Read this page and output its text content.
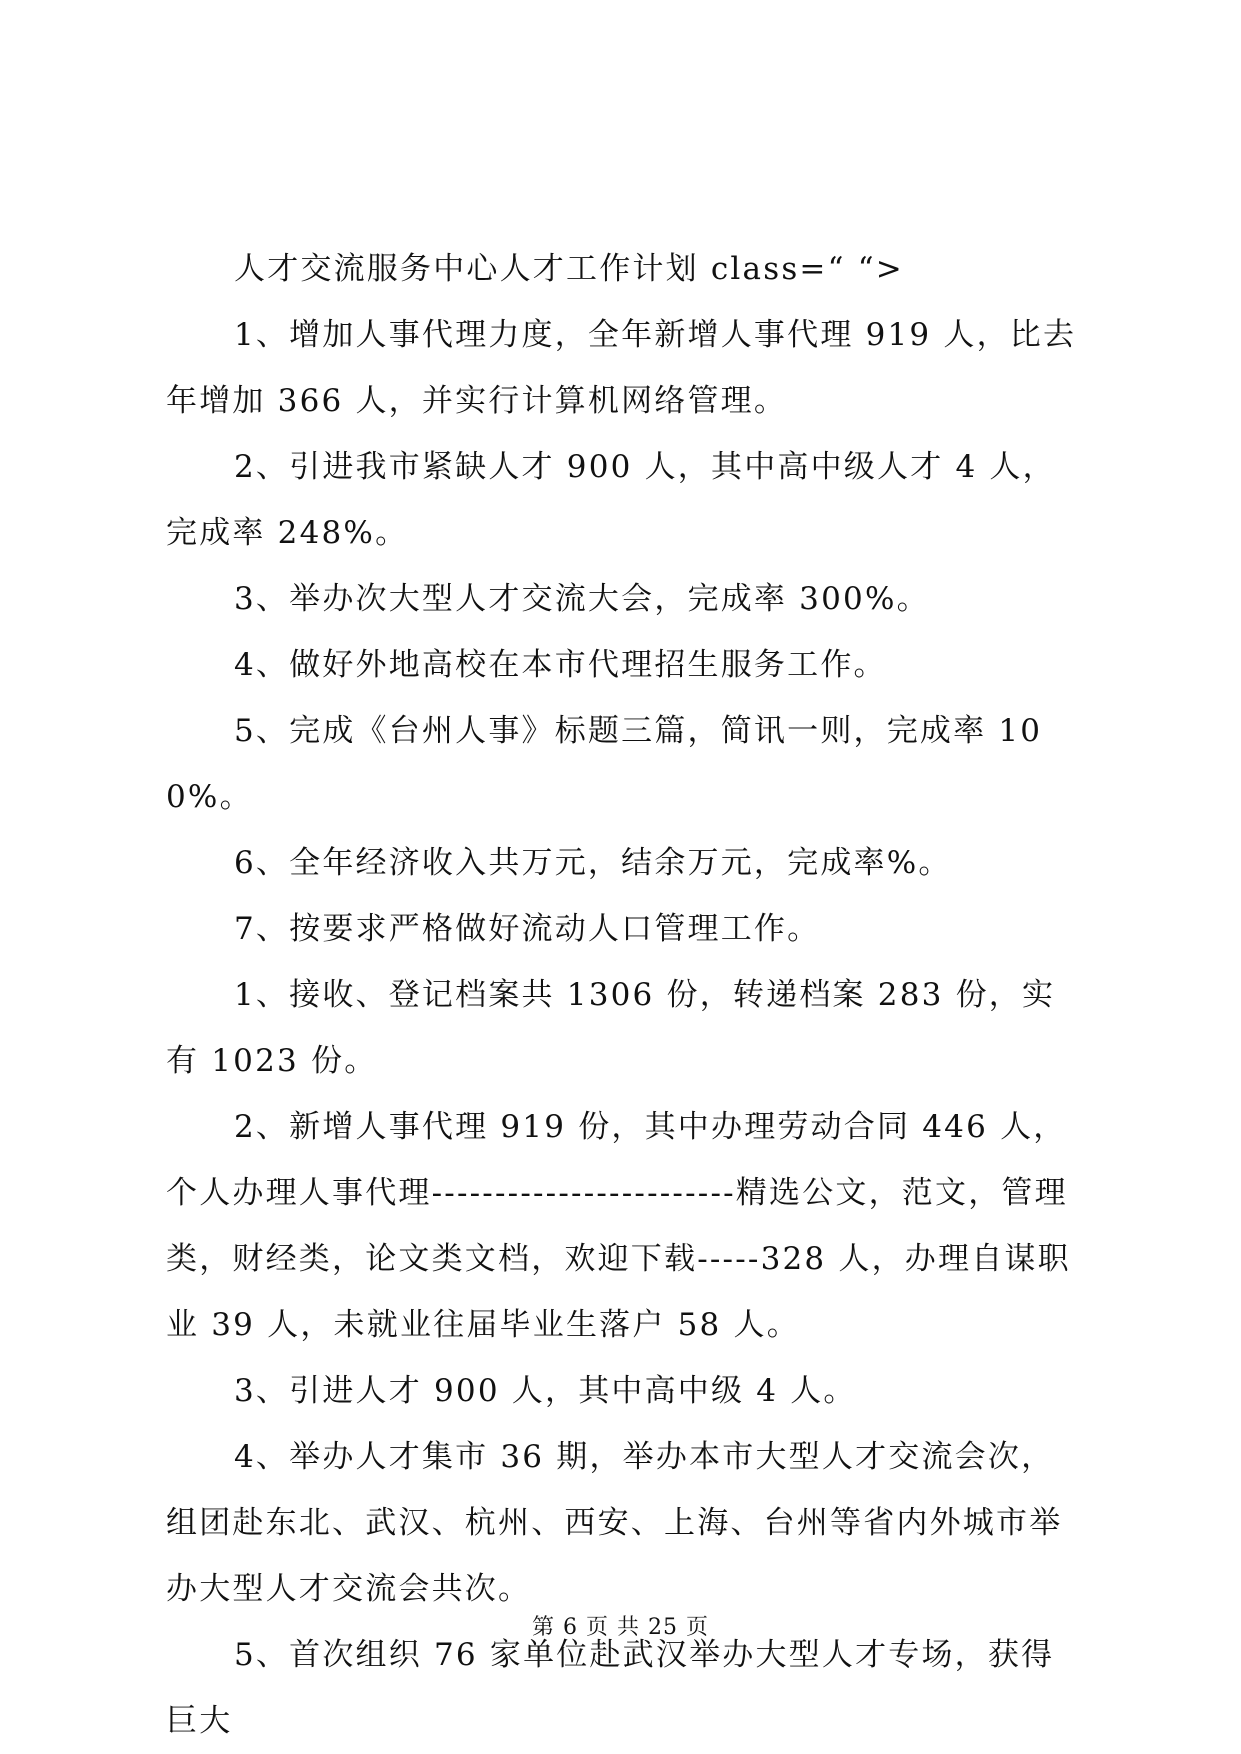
人才交流服务中心人才工作计划 class=“ “>

1、增加人事代理力度，全年新增人事代理 919 人，比去年增加 366 人，并实行计算机网络管理。

2、引进我市紧缺人才 900 人，其中高中级人才 4 人，完成率 248%。

3、举办次大型人才交流大会，完成率 300%。

4、做好外地高校在本市代理招生服务工作。

5、完成《台州人事》标题三篇，简讯一则，完成率 100%。

6、全年经济收入共万元，结余万元，完成率%。

7、按要求严格做好流动人口管理工作。

1、接收、登记档案共 1306 份，转递档案 283 份，实有 1023 份。

2、新增人事代理 919 份，其中办理劳动合同 446 人，个人办理人事代理------------------------精选公文，范文，管理类，财经类，论文类文档，欢迎下载-----328 人，办理自谋职业 39 人，未就业往届毕业生落户 58 人。

3、引进人才 900 人，其中高中级 4 人。

4、举办人才集市 36 期，举办本市大型人才交流会次，组团赴东北、武汉、杭州、西安、上海、台州等省内外城市举办大型人才交流会共次。

5、首次组织 76 家单位赴武汉举办大型人才专场，获得巨大

第 6 页 共 25 页
